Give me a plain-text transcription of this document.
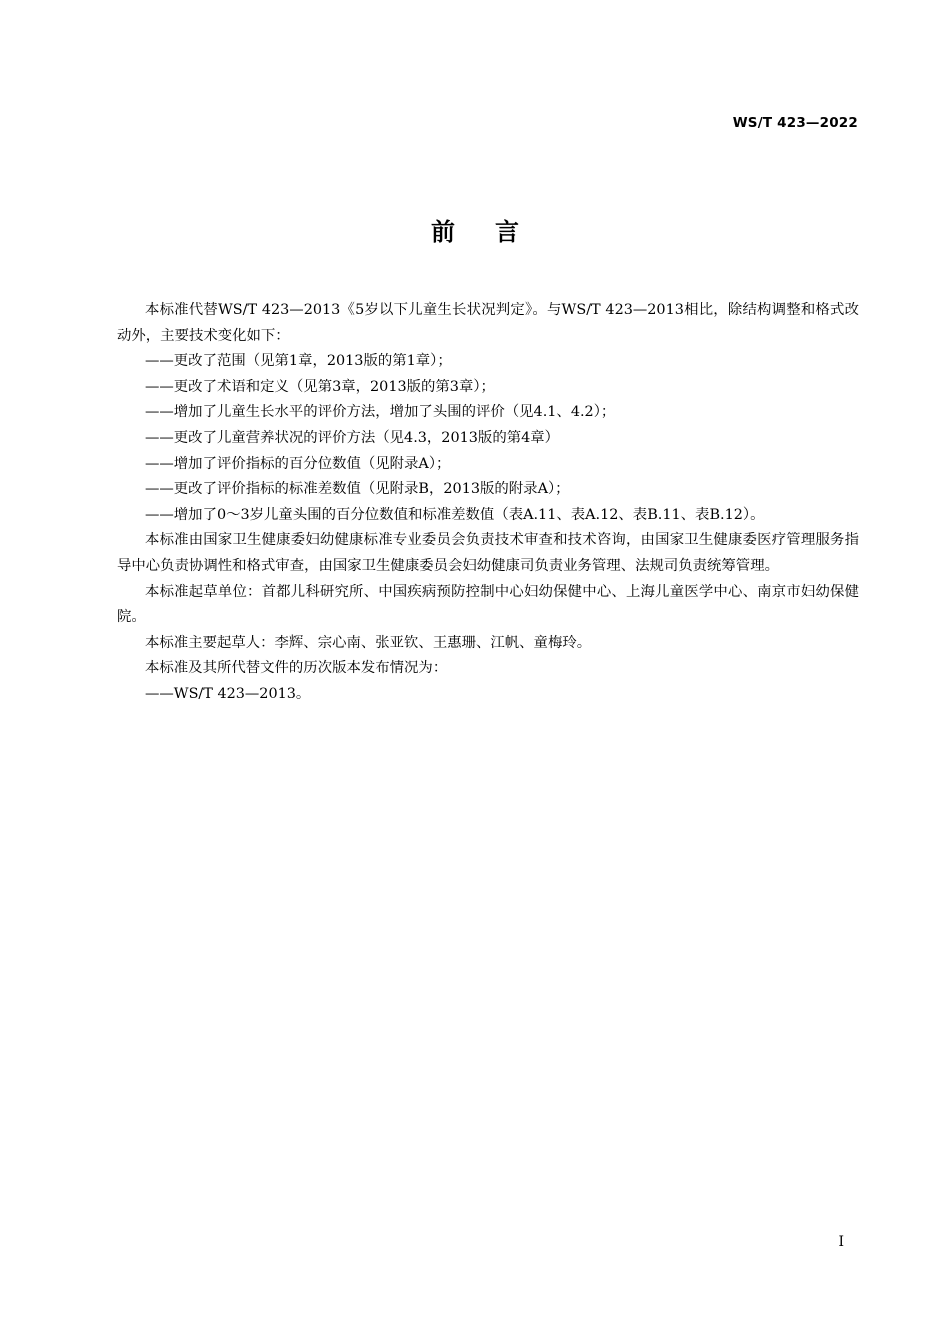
WS/T 423—2022
前言

本标准代替WS/T 423—2013《5岁以下儿童生长状况判定》。与WS/T 423—2013相比，除结构调整和格式改动外，主要技术变化如下：

——更改了范围（见第1章，2013版的第1章）；

——更改了术语和定义（见第3章，2013版的第3章）；

——增加了儿童生长水平的评价方法，增加了头围的评价（见4.1、4.2）；

——更改了儿童营养状况的评价方法（见4.3，2013版的第4章）

——增加了评价指标的百分位数值（见附录A）；

——更改了评价指标的标准差数值（见附录B，2013版的附录A）；

——增加了0～3岁儿童头围的百分位数值和标准差数值（表A.11、表A.12、表B.11、表B.12）。

本标准由国家卫生健康委妇幼健康标准专业委员会负责技术审查和技术咨询，由国家卫生健康委医疗管理服务指导中心负责协调性和格式审查，由国家卫生健康委员会妇幼健康司负责业务管理、法规司负责统筹管理。

本标准起草单位：首都儿科研究所、中国疾病预防控制中心妇幼保健中心、上海儿童医学中心、南京市妇幼保健院。

本标准主要起草人：李辉、宗心南、张亚钦、王惠珊、江帆、童梅玲。

本标准及其所代替文件的历次版本发布情况为：

——WS/T 423—2013。

I
